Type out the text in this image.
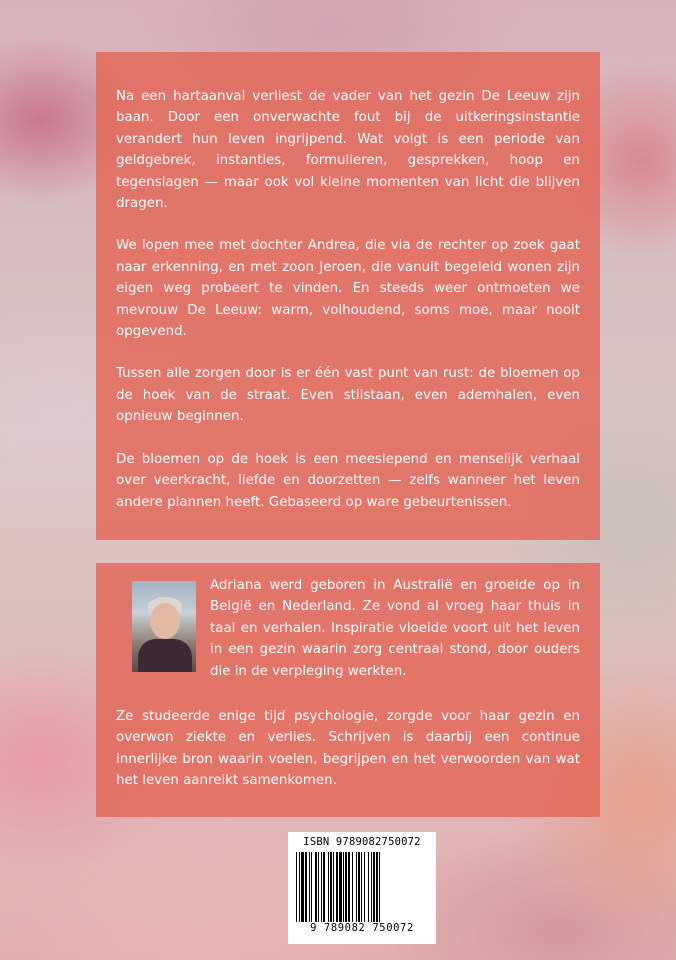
Na een hartaanval verliest de vader van het gezin De Leeuw zijn baan. Door een onverwachte fout bij de uitkeringsinstantie verandert hun leven ingrijpend. Wat volgt is een periode van geldgebrek, instanties, formulieren, gesprekken, hoop en tegenslagen — maar ook vol kleine momenten van licht die blijven dragen.

We lopen mee met dochter Andrea, die via de rechter op zoek gaat naar erkenning, en met zoon Jeroen, die vanuit begeleid wonen zijn eigen weg probeert te vinden. En steeds weer ontmoeten we mevrouw De Leeuw: warm, volhoudend, soms moe, maar nooit opgevend.

Tussen alle zorgen door is er één vast punt van rust: de bloemen op de hoek van de straat. Even stilstaan, even ademhalen, even opnieuw beginnen.

De bloemen op de hoek is een meeslepend en menselijk verhaal over veerkracht, liefde en doorzetten — zelfs wanneer het leven andere plannen heeft. Gebaseerd op ware gebeurtenissen.

Adriana werd geboren in Australië en groeide op in België en Nederland. Ze vond al vroeg haar thuis in taal en verhalen. Inspiratie vloeide voort uit het leven in een gezin waarin zorg centraal stond, door ouders die in de verpleging werkten.

Ze studeerde enige tijd psychologie, zorgde voor haar gezin en overwon ziekte en verlies. Schrijven is daarbij een continue innerlijke bron waarin voelen, begrijpen en het verwoorden van wat het leven aanreikt samenkomen.

ISBN 9789082750072
9 789082 750072
